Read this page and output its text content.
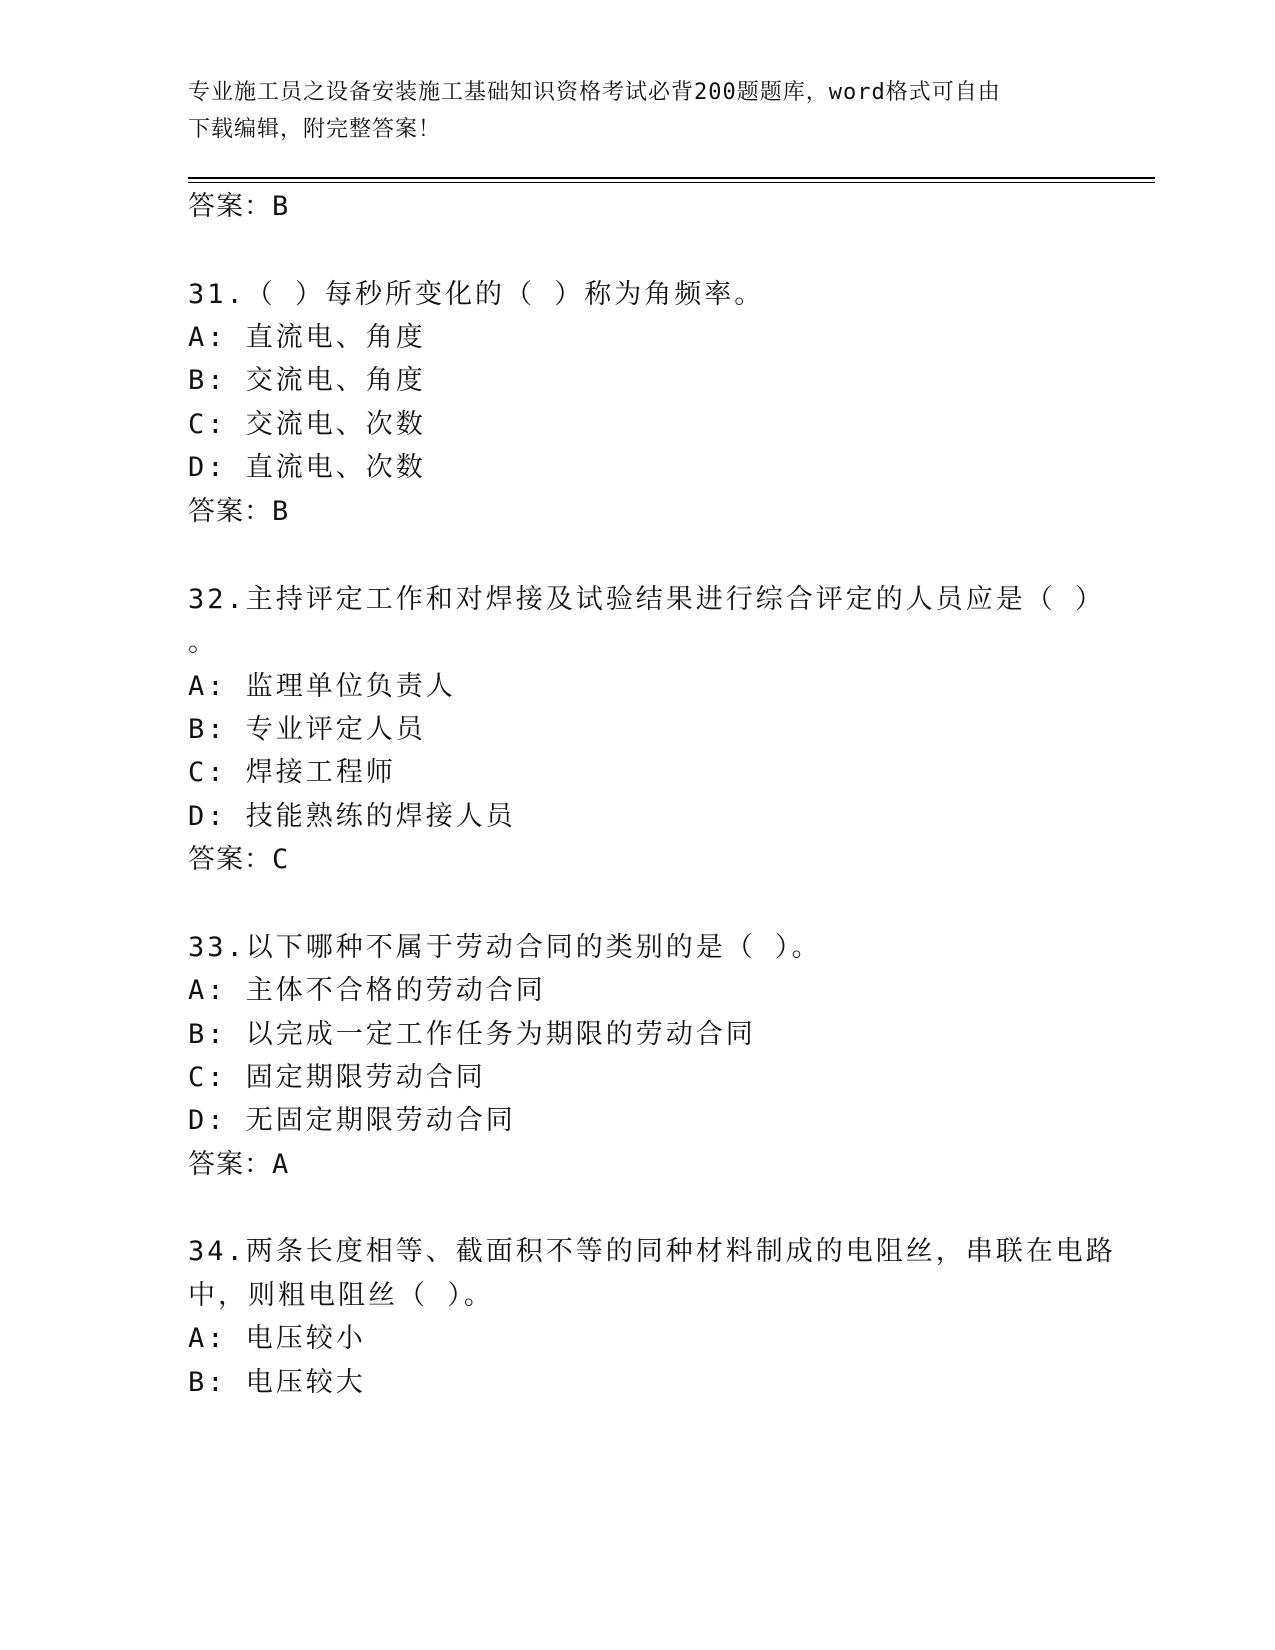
专业施工员之设备安装施工基础知识资格考试必背200题题库，word格式可自由
下载编辑，附完整答案！
答案：B
31.（ ）每秒所变化的（ ）称为角频率。
A: 直流电、角度
B: 交流电、角度
C: 交流电、次数
D: 直流电、次数
答案：B
32.主持评定工作和对焊接及试验结果进行综合评定的人员应是（ ）
。
A: 监理单位负责人
B: 专业评定人员
C: 焊接工程师
D: 技能熟练的焊接人员
答案：C
33.以下哪种不属于劳动合同的类别的是（ ）。
A: 主体不合格的劳动合同
B: 以完成一定工作任务为期限的劳动合同
C: 固定期限劳动合同
D: 无固定期限劳动合同
答案：A
34.两条长度相等、截面积不等的同种材料制成的电阻丝，串联在电路
中，则粗电阻丝（ ）。
A: 电压较小
B: 电压较大
